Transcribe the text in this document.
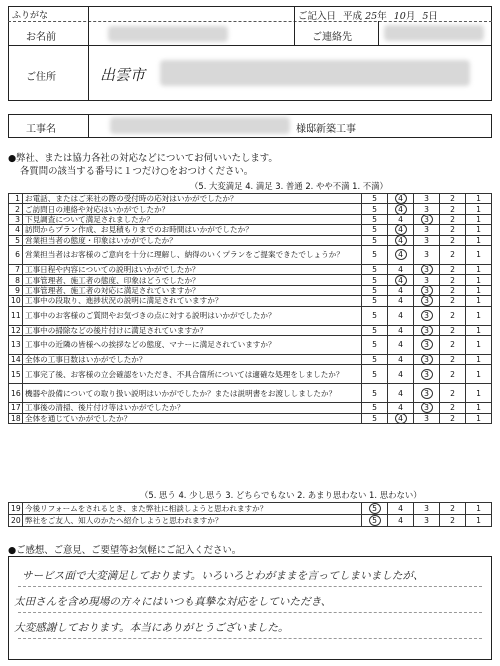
ふりがな	ご記入日 平成 25年 10月 5日
お名前	ご連絡先
ご住所	出雲市
工事名	様邸新築工事
●弊社、または協力各社の対応などについてお伺いいたします。
各質問の該当する番号に１つだけ○をおつけください。
（5. 大変満足 4. 満足 3. 普通 2. やや不満 1. 不満）
1	お電話、またはご来社の際の受付時の応対はいかがでしたか？	5	4	3	2	1
2	ご訪問日の連絡や対応はいかがでしたか？	5	4	3	2	1
3	下見調査について満足されましたか？	5	4	3	2	1
4	訪問からプラン作成、お見積もりまでのお時間はいかがでしたか？	5	4	3	2	1
5	営業担当者の態度・印象はいかがでしたか？	5	4	3	2	1
6	営業担当者はお客様のご意向を十分に理解し、納得のいくプランをご提案できたでしょうか？	5	4	3	2	1
7	工事日程や内容についての説明はいかがでしたか？	5	4	3	2	1
8	工事管理者、施工者の態度、印象はどうでしたか？	5	4	3	2	1
9	工事管理者、施工者の対応に満足されていますか？	5	4	3	2	1
10	工事中の段取り、進捗状況の説明に満足されていますか？	5	4	3	2	1
11	工事中のお客様のご質問やお気づきの点に対する説明はいかがでしたか？	5	4	3	2	1
12	工事中の掃除などの後片付けに満足されていますか？	5	4	3	2	1
13	工事中の近隣の皆様への挨拶などの態度、マナーに満足されていますか？	5	4	3	2	1
14	全体の工事日数はいかがでしたか？	5	4	3	2	1
15	工事完了後、お客様の立会確認をいただき、不具合箇所については適確な処理をしましたか？	5	4	3	2	1
16	機器や設備についての取り扱い説明はいかがでしたか？または説明書をお渡ししましたか？	5	4	3	2	1
17	工事後の清掃、後片付け等はいかがでしたか？	5	4	3	2	1
18	全体を通じていかがでしたか？	5	4	3	2	1
（5. 思う 4. 少し思う 3. どちらでもない 2. あまり思わない 1. 思わない）
19	今後リフォームをされるとき、また弊社に相談しようと思われますか？	5	4	3	2	1
20	弊社をご友人、知人のかたへ紹介しようと思われますか？	5	4	3	2	1
●ご感想、ご意見、ご要望等お気軽にご記入ください。
サービス面で大変満足しております。いろいろとわがままを言ってしまいましたが、
太田さんを含め現場の方々にはいつも真摯な対応をしていただき、
大変感謝しております。本当にありがとうございました。
